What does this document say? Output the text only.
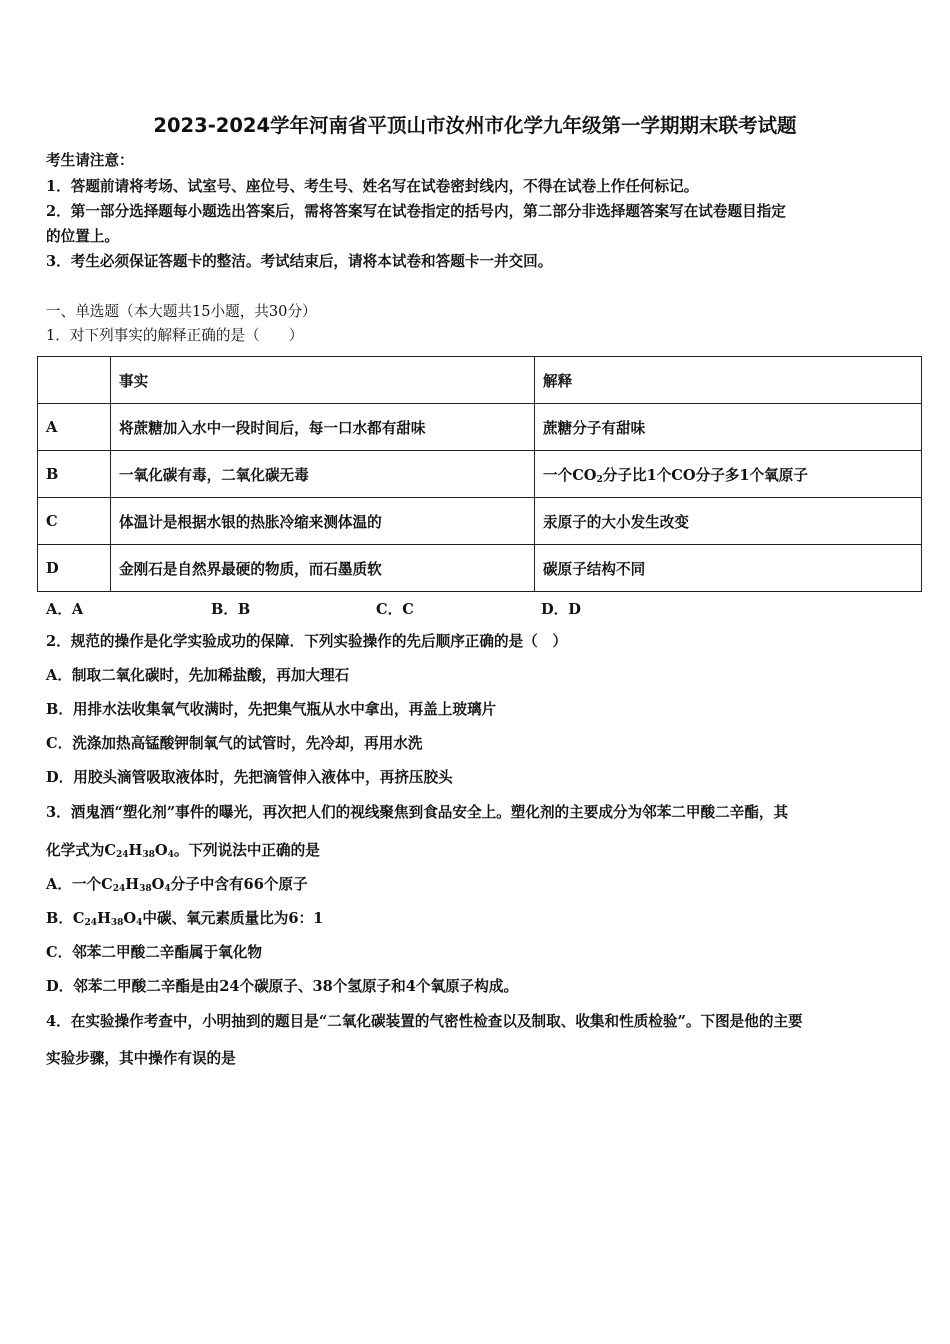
2023-2024学年河南省平顶山市汝州市化学九年级第一学期期末联考试题
考生请注意：
1．答题前请将考场、试室号、座位号、考生号、姓名写在试卷密封线内，不得在试卷上作任何标记。
2．第一部分选择题每小题选出答案后，需将答案写在试卷指定的括号内，第二部分非选择题答案写在试卷题目指定
的位置上。
3．考生必须保证答题卡的整洁。考试结束后，请将本试卷和答题卡一并交回。
一、单选题（本大题共15小题，共30分）
1．对下列事实的解释正确的是（　　）
	事实	解释
A	将蔗糖加入水中一段时间后，每一口水都有甜味	蔗糖分子有甜味
B	一氧化碳有毒，二氧化碳无毒	一个$CO_2$分子比1个CO分子多1个氧原子
C	体温计是根据水银的热胀冷缩来测体温的	汞原子的大小发生改变
D	金刚石是自然界最硬的物质，而石墨质软	碳原子结构不同
A．A	B．B	C．C	D．D
2．规范的操作是化学实验成功的保障．下列实验操作的先后顺序正确的是（　）
A．制取二氧化碳时，先加稀盐酸，再加大理石
B．用排水法收集氧气收满时，先把集气瓶从水中拿出，再盖上玻璃片
C．洗涤加热高锰酸钾制氧气的试管时，先冷却，再用水洗
D．用胶头滴管吸取液体时，先把滴管伸入液体中，再挤压胶头
3．酒鬼酒“塑化剂”事件的曝光，再次把人们的视线聚焦到食品安全上。塑化剂的主要成分为邻苯二甲酸二辛酯，其
化学式为$C_{24}H_{38}O_4$。下列说法中正确的是
A．一个$C_{24}H_{38}O_4$分子中含有66个原子
B．$C_{24}H_{38}O_4$中碳、氧元素质量比为6：1
C．邻苯二甲酸二辛酯属于氧化物
D．邻苯二甲酸二辛酯是由24个碳原子、38个氢原子和4个氧原子构成。
4．在实验操作考查中，小明抽到的题目是“二氧化碳装置的气密性检查以及制取、收集和性质检验”。下图是他的主要
实验步骤，其中操作有误的是
